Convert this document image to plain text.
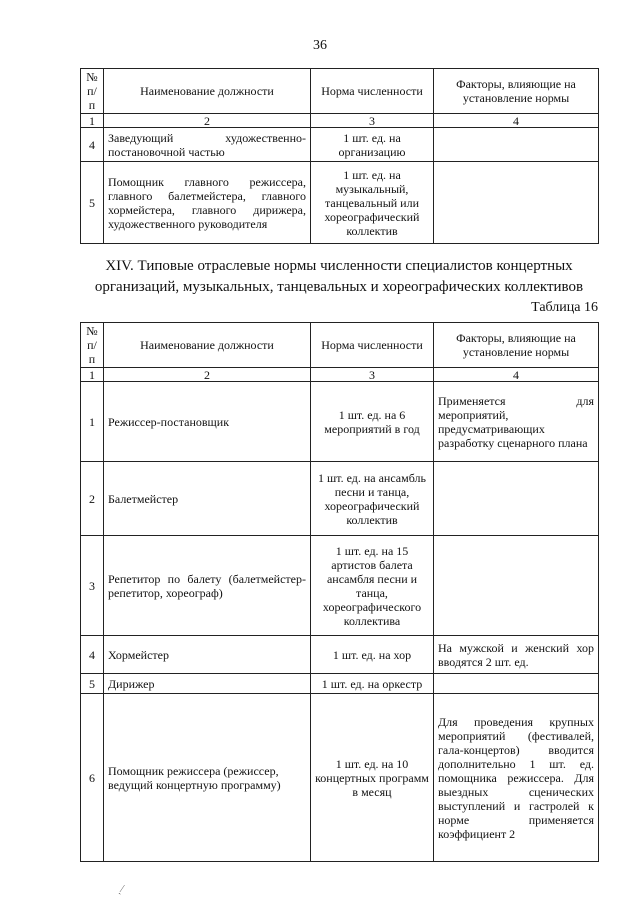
36
№ п/п	Наименование должности	Норма численности	Факторы, влияющие на установление нормы
1	2	3	4
4	Заведующий художественно-постановочной частью	1 шт. ед. на организацию	
5	Помощник главного режиссера, главного балетмейстера, главного хормейстера, главного дирижера, художественного руководителя	1 шт. ед. на музыкальный, танцевальный или хореографический коллектив	
XIV. Типовые отраслевые нормы численности специалистов концертных организаций, музыкальных, танцевальных и хореографических коллективов
Таблица 16
№ п/п	Наименование должности	Норма численности	Факторы, влияющие на установление нормы
1	2	3	4
1	Режиссер-постановщик	1 шт. ед. на 6 мероприятий в год	Применяется для мероприятий, предусматривающих разработку сценарного плана
2	Балетмейстер	1 шт. ед. на ансамбль песни и танца, хореографический коллектив	
3	Репетитор по балету (балетмейстер-репетитор, хореограф)	1 шт. ед. на 15 артистов балета ансамбля песни и танца, хореографического коллектива	
4	Хормейстер	1 шт. ед. на хор	На мужской и женский хор вводятся 2 шт. ед.
5	Дирижер	1 шт. ед. на оркестр	
6	Помощник режиссера (режиссер, ведущий концертную программу)	1 шт. ед. на 10 концертных программ в месяц	Для проведения крупных мероприятий (фестивалей, гала-концертов) вводится дополнительно 1 шт. ед. помощника режиссера. Для выездных сценических выступлений и гастролей к норме применяется коэффициент 2
ˏ⁄
